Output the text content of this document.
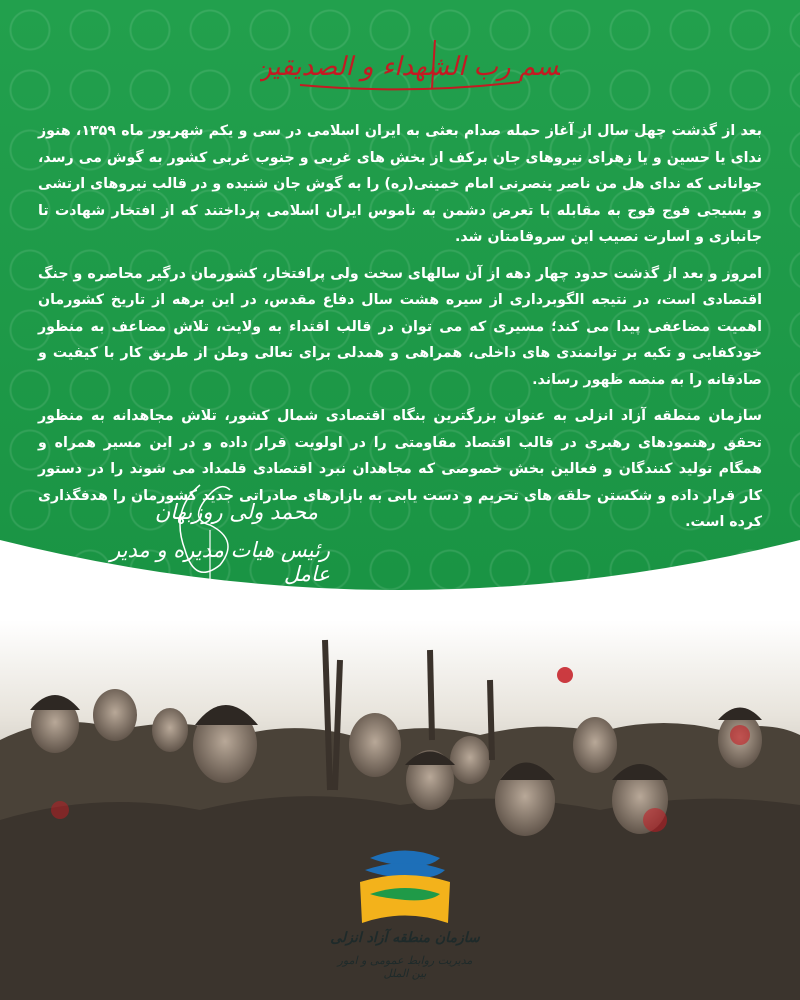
بسم رب الشهداء و الصدیقین

بعد از گذشت چهل سال از آغاز حمله صدام بعثی به ایران اسلامی در سی و یکم شهریور ماه ۱۳۵۹، هنوز ندای یا حسین و یا زهرای نیروهای جان برکف از بخش های غربی و جنوب غربی کشور به گوش می رسد، جوانانی که ندای هل من ناصر ینصرنی امام خمینی(ره) را به گوش جان شنیده و در قالب نیروهای ارتشی و بسیجی فوج فوج به مقابله با تعرض دشمن به ناموس ایران اسلامی پرداختند که از افتخار شهادت تا جانبازی و اسارت نصیب این سروقامتان شد.

امروز و بعد از گذشت حدود چهار دهه از آن سالهای سخت ولی پرافتخار، کشورمان درگیر محاصره و جنگ اقتصادی است، در نتیجه الگوبرداری از سیره هشت سال دفاع مقدس، در این برهه از تاریخ کشورمان اهمیت مضاعفی پیدا می کند؛ مسیری که می توان در قالب اقتداء به ولایت، تلاش مضاعف به منظور خودکفایی و تکیه بر توانمندی های داخلی، همراهی و همدلی برای تعالی وطن از طریق کار با کیفیت و صادقانه را به منصه ظهور رساند.

سازمان منطقه آزاد انزلی به عنوان بزرگترین بنگاه اقتصادی شمال کشور، تلاش مجاهدانه به منظور تحقق رهنمودهای رهبری در قالب اقتصاد مقاومتی را در اولویت قرار داده و در این مسیر همراه و همگام تولید کنندگان و فعالین بخش خصوصی که مجاهدان نبرد اقتصادی قلمداد می شوند را در دستور کار قرار داده و شکستن حلقه های تحریم و دست یابی به بازارهای صادراتی جدید کشورمان را هدفگذاری کرده است.

محمد ولی روزبهان
رئیس هیات مدیره و مدیر عامل
سازمان منطقه آزاد انزلی
مدیریت روابط عمومی و امور بین الملل
